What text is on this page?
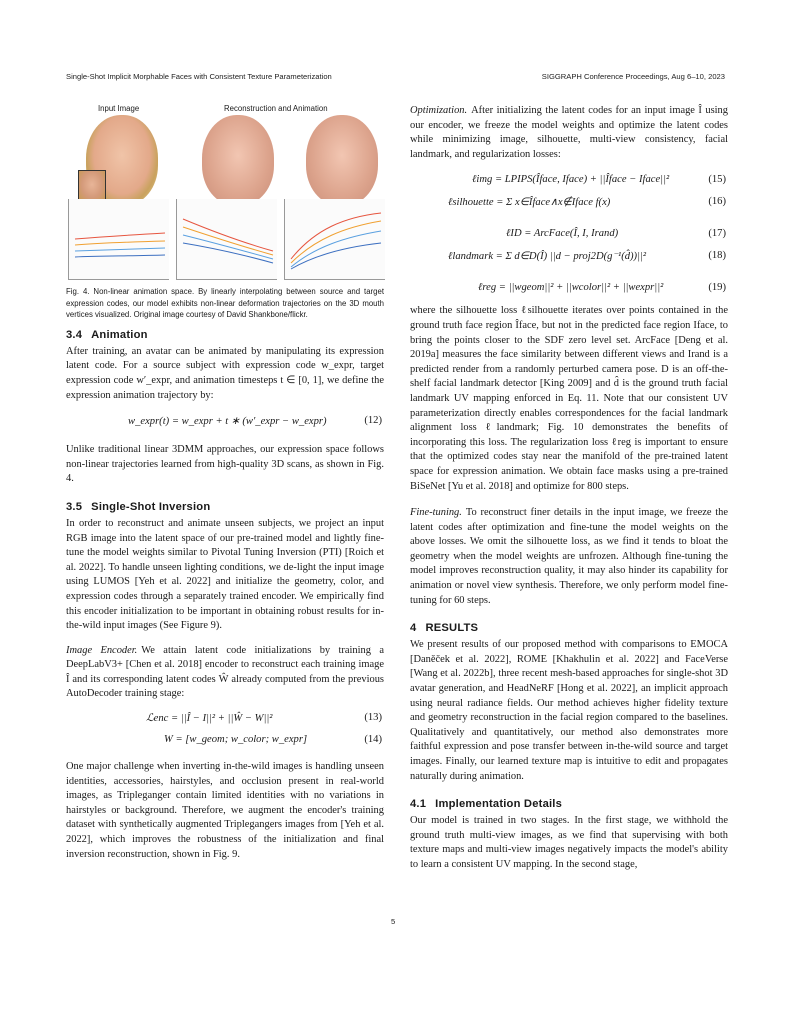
Single-Shot Implicit Morphable Faces with Consistent Texture Parameterization	SIGGRAPH Conference Proceedings, Aug 6–10, 2023
Input Image	Reconstruction and Animation

Fig. 4. Non-linear animation space. By linearly interpolating between source and target expression codes, our model exhibits non-linear deformation trajectories on the 3D mouth vertices visualized. Original image courtesy of David Shankbone/flickr.

3.4 Animation

After training, an avatar can be animated by manipulating its expression latent code. For a source subject with expression code w_expr, target expression code w′_expr, and animation timesteps t ∈ [0, 1], we define the expression animation trajectory by:

w_expr(t) = w_expr + t ∗ (w′_expr − w_expr)	(12)

Unlike traditional linear 3DMM approaches, our expression space follows non-linear trajectories learned from high-quality 3D scans, as shown in Fig. 4.

3.5 Single-Shot Inversion

In order to reconstruct and animate unseen subjects, we project an input RGB image into the latent space of our pre-trained model and lightly fine-tune the model weights similar to Pivotal Tuning Inversion (PTI) [Roich et al. 2022]. To handle unseen lighting conditions, we de-light the input image using LUMOS [Yeh et al. 2022] and initialize the geometry, color, and expression codes through a separately trained encoder. We empirically find this encoder initialization to be important in obtaining robust results for in-the-wild input images (See Figure 9).

Image Encoder. We attain latent code initializations by training a DeepLabV3+ [Chen et al. 2018] encoder to reconstruct each training image Î and its corresponding latent codes Ŵ already computed from the previous AutoDecoder training stage:

ℒenc = ||Î − I||² + ||Ŵ − W||²	(13)
W = [w_geom; w_color; w_expr]	(14)

One major challenge when inverting in-the-wild images is handling unseen identities, accessories, hairstyles, and occlusion present in real-world images, as Tripleganger contain limited identities with no variations in hairstyles or background. Therefore, we augment the encoder's training dataset with synthetically augmented Triplegangers images from [Yeh et al. 2022], which improves the robustness of the initialization and final inversion reconstruction, shown in Fig. 9.

Optimization. After initializing the latent codes for an input image Î using our encoder, we freeze the model weights and optimize the latent codes while minimizing image, silhouette, multi-view consistency, facial landmark, and regularization losses:

ℓimg = LPIPS(Îface, Iface) + ||Îface − Iface||²	(15)
ℓsilhouette = Σ x∈Îface∧x∉Iface f(x)	(16)
ℓID = ArcFace(Î, I, Irand)	(17)
ℓlandmark = Σ d∈D(Î) ||d − proj2D(g⁻¹(d̂))||²	(18)
ℓreg = ||wgeom||² + ||wcolor||² + ||wexpr||²	(19)

where the silhouette loss ℓsilhouette iterates over points contained in the ground truth face region Îface, but not in the predicted face region Iface, to bring the points closer to the SDF zero level set. ArcFace [Deng et al. 2019a] measures the face similarity between different views and Irand is a predicted render from a randomly perturbed camera pose. D is an off-the-shelf facial landmark detector [King 2009] and d̂ is the ground truth facial landmark UV mapping enforced in Eq. 11. Note that our consistent UV parameterization directly enables correspondences for the facial landmark alignment loss ℓlandmark; Fig. 10 demonstrates the benefits of incorporating this loss. The regularization loss ℓreg is important to ensure that the optimized codes stay near the manifold of the pre-trained latent space for expression animation. We obtain face masks using a pre-trained BiSeNet [Yu et al. 2018] and optimize for 800 steps.

Fine-tuning. To reconstruct finer details in the input image, we freeze the latent codes after optimization and fine-tune the model weights on the above losses. We omit the silhouette loss, as we find it tends to bloat the geometry when the model weights are unfrozen. Although fine-tuning the model improves reconstruction quality, it may also hinder its capability for animation or novel view synthesis. Therefore, we only perform model fine-tuning for 60 steps.

4 RESULTS

We present results of our proposed method with comparisons to EMOCA [Daněček et al. 2022], ROME [Khakhulin et al. 2022] and FaceVerse [Wang et al. 2022b], three recent mesh-based approaches for single-shot 3D avatar generation, and HeadNeRF [Hong et al. 2022], an implicit approach using neural radiance fields. Our method achieves higher fidelity texture and geometry reconstruction in the facial region compared to the baselines. Qualitatively and quantitatively, our method also demonstrates more faithful expression and pose transfer between in-the-wild source and target images. Finally, our learned texture map is intuitive to edit and propagates naturally during animation.

4.1 Implementation Details

Our model is trained in two stages. In the first stage, we withhold the ground truth multi-view images, as we find that supervising with both texture maps and multi-view images negatively impacts the model's ability to learn a consistent UV mapping. In the second stage,

5
